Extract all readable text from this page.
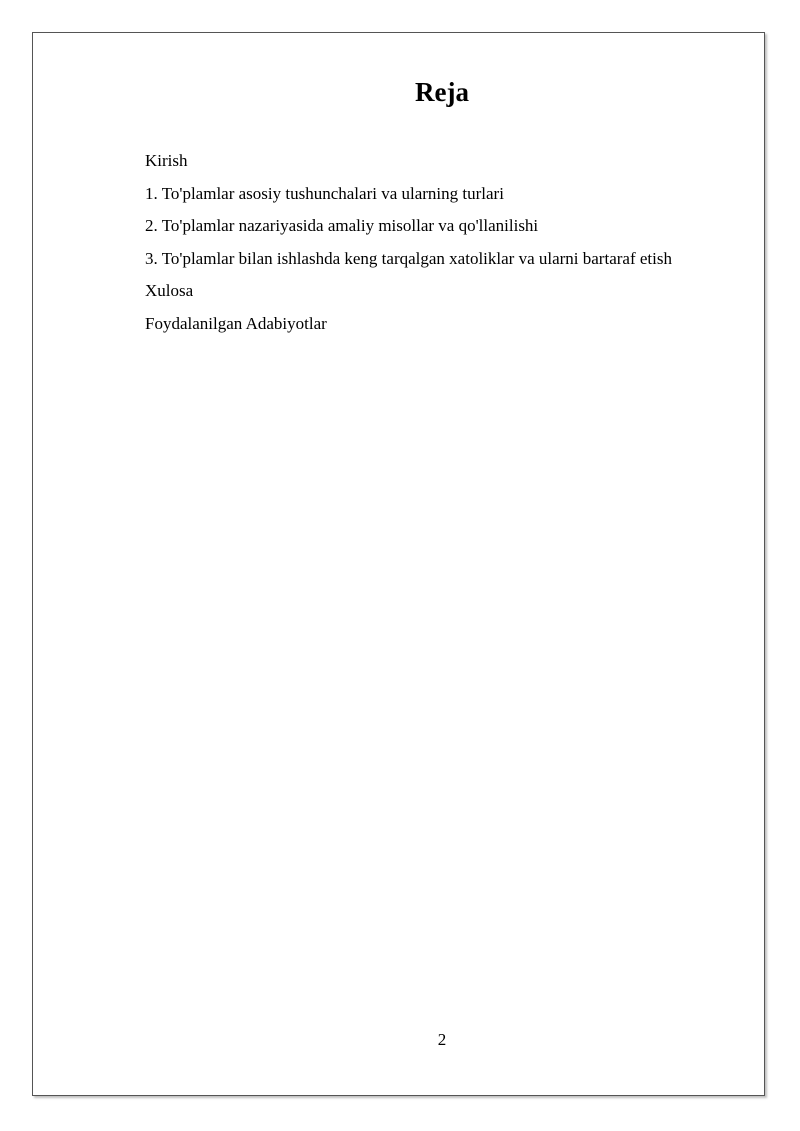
Reja
Kirish
1. To'plamlar asosiy tushunchalari va ularning turlari
2. To'plamlar nazariyasida amaliy misollar va qo'llanilishi
3. To'plamlar bilan ishlashda keng tarqalgan xatoliklar va ularni bartaraf etish
Xulosa
Foydalanilgan Adabiyotlar
2
